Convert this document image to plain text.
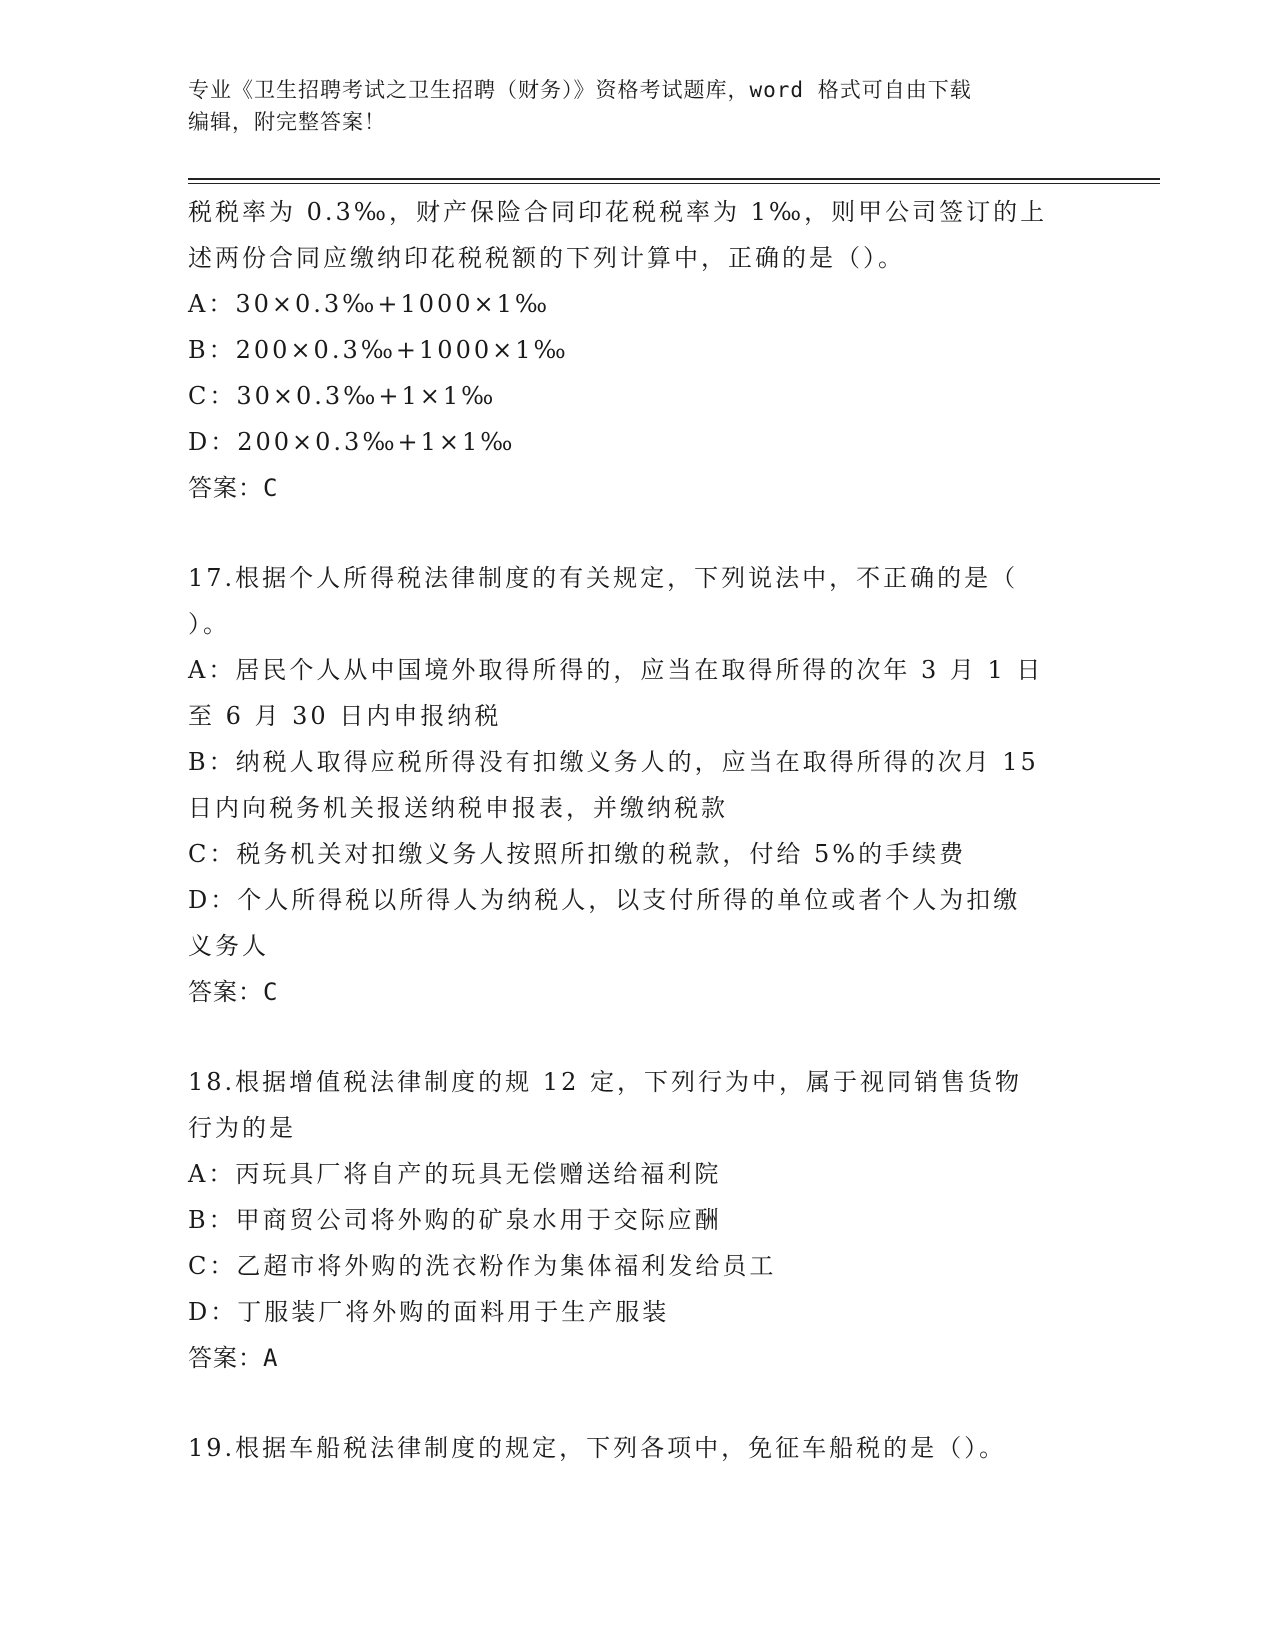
专业《卫生招聘考试之卫生招聘（财务）》资格考试题库，word 格式可自由下载
编辑，附完整答案！
税税率为 0.3‰，财产保险合同印花税税率为 1‰，则甲公司签订的上
述两份合同应缴纳印花税税额的下列计算中，正确的是（）。
A：30×0.3‰+1000×1‰
B：200×0.3‰+1000×1‰
C：30×0.3‰+1×1‰
D：200×0.3‰+1×1‰
答案：C
17.根据个人所得税法律制度的有关规定，下列说法中，不正确的是（
）。
A：居民个人从中国境外取得所得的，应当在取得所得的次年 3 月 1 日
至 6 月 30 日内申报纳税
B：纳税人取得应税所得没有扣缴义务人的，应当在取得所得的次月 15
日内向税务机关报送纳税申报表，并缴纳税款
C：税务机关对扣缴义务人按照所扣缴的税款，付给 5%的手续费
D：个人所得税以所得人为纳税人，以支付所得的单位或者个人为扣缴
义务人
答案：C
18.根据增值税法律制度的规 12 定，下列行为中，属于视同销售货物
行为的是
A：丙玩具厂将自产的玩具无偿赠送给福利院
B：甲商贸公司将外购的矿泉水用于交际应酬
C：乙超市将外购的洗衣粉作为集体福利发给员工
D：丁服装厂将外购的面料用于生产服装
答案：A
19.根据车船税法律制度的规定，下列各项中，免征车船税的是（）。
